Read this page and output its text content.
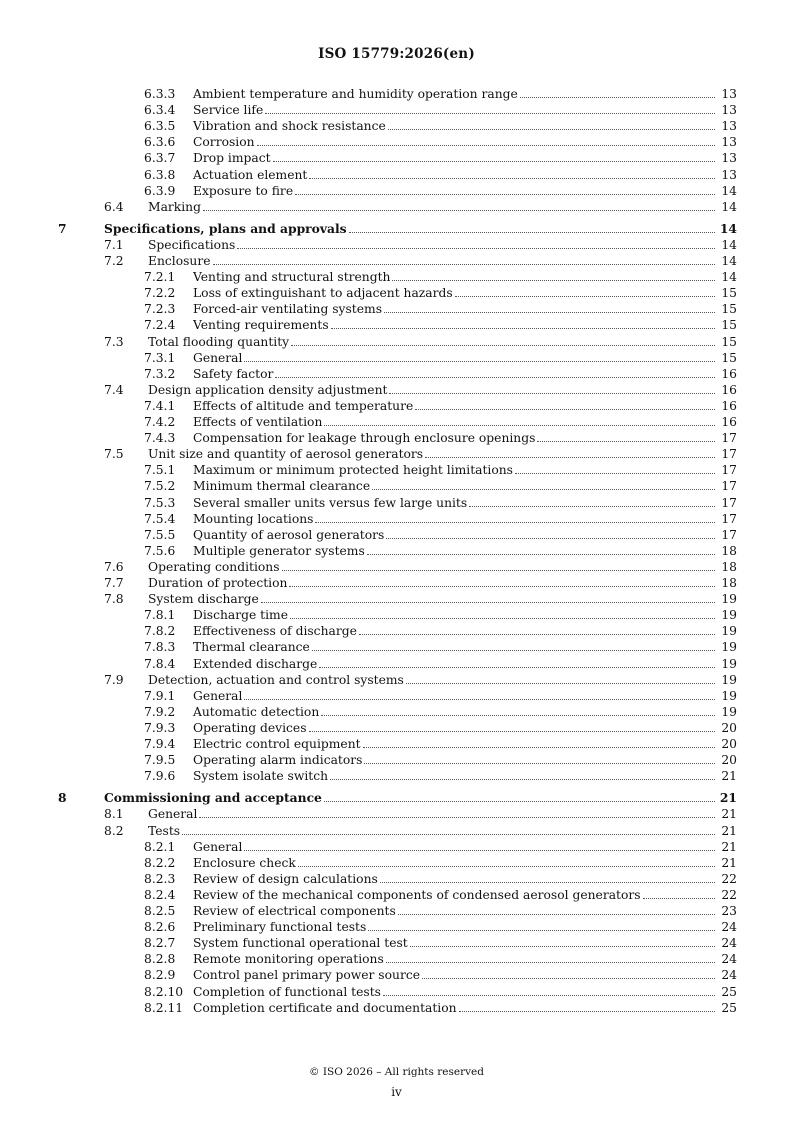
ISO 15779:2026(en)
6.3.3 Ambient temperature and humidity operation range	13
6.3.4 Service life	13
6.3.5 Vibration and shock resistance	13
6.3.6 Corrosion	13
6.3.7 Drop impact	13
6.3.8 Actuation element	13
6.3.9 Exposure to fire	14
6.4 Marking	14
7	Specifications, plans and approvals	14
7.1 Specifications	14
7.2 Enclosure	14
7.2.1 Venting and structural strength	14
7.2.2 Loss of extinguishant to adjacent hazards	15
7.2.3 Forced-air ventilating systems	15
7.2.4 Venting requirements	15
7.3 Total flooding quantity	15
7.3.1 General	15
7.3.2 Safety factor	16
7.4 Design application density adjustment	16
7.4.1 Effects of altitude and temperature	16
7.4.2 Effects of ventilation	16
7.4.3 Compensation for leakage through enclosure openings	17
7.5 Unit size and quantity of aerosol generators	17
7.5.1 Maximum or minimum protected height limitations	17
7.5.2 Minimum thermal clearance	17
7.5.3 Several smaller units versus few large units	17
7.5.4 Mounting locations	17
7.5.5 Quantity of aerosol generators	17
7.5.6 Multiple generator systems	18
7.6 Operating conditions	18
7.7 Duration of protection	18
7.8 System discharge	19
7.8.1 Discharge time	19
7.8.2 Effectiveness of discharge	19
7.8.3 Thermal clearance	19
7.8.4 Extended discharge	19
7.9 Detection, actuation and control systems	19
7.9.1 General	19
7.9.2 Automatic detection	19
7.9.3 Operating devices	20
7.9.4 Electric control equipment	20
7.9.5 Operating alarm indicators	20
7.9.6 System isolate switch	21
8	Commissioning and acceptance	21
8.1 General	21
8.2 Tests	21
8.2.1 General	21
8.2.2 Enclosure check	21
8.2.3 Review of design calculations	22
8.2.4 Review of the mechanical components of condensed aerosol generators	22
8.2.5 Review of electrical components	23
8.2.6 Preliminary functional tests	24
8.2.7 System functional operational test	24
8.2.8 Remote monitoring operations	24
8.2.9 Control panel primary power source	24
8.2.10 Completion of functional tests	25
8.2.11 Completion certificate and documentation	25
© ISO 2026 – All rights reserved
iv
